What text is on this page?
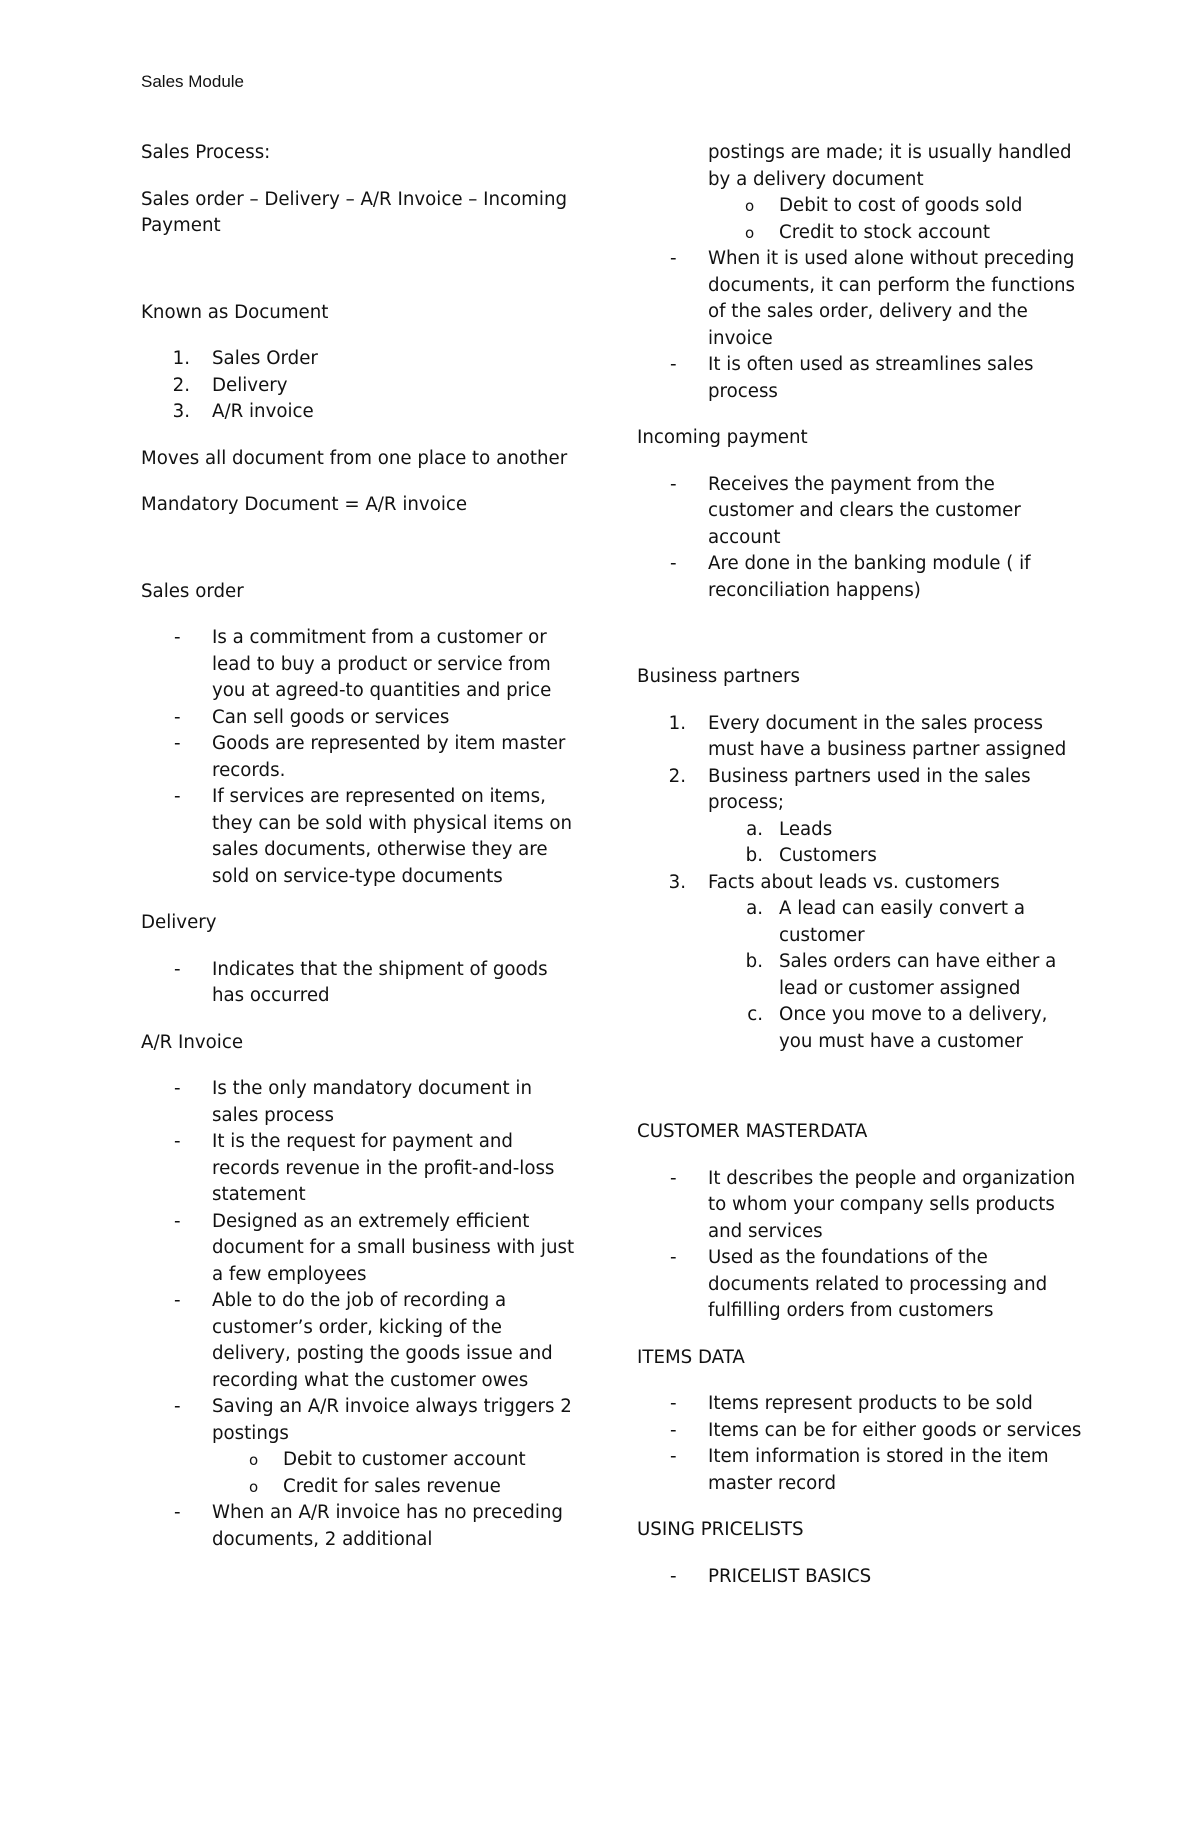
Sales Module
Sales Process:
Sales order – Delivery – A/R Invoice – Incoming Payment
Known as Document
1.	Sales Order
2.	Delivery
3.	A/R invoice
Moves all document from one place to another
Mandatory Document = A/R invoice
Sales order
-	Is a commitment from a customer or lead to buy a product or service from you at agreed-to quantities and price
-	Can sell goods or services
-	Goods are represented by item master records.
-	If services are represented on items, they can be sold with physical items on sales documents, otherwise they are sold on service-type documents
Delivery
-	Indicates that the shipment of goods has occurred
A/R Invoice
-	Is the only mandatory document in sales process
-	It is the request for payment and records revenue in the profit-and-loss statement
-	Designed as an extremely efficient document for a small business with just a few employees
-	Able to do the job of recording a customer’s order, kicking of the delivery, posting the goods issue and recording what the customer owes
-	Saving an A/R invoice always triggers 2 postings
o	Debit to customer account
o	Credit for sales revenue
-	When an A/R invoice has no preceding documents, 2 additional
postings are made; it is usually handled by a delivery document
o	Debit to cost of goods sold
o	Credit to stock account
-	When it is used alone without preceding documents, it can perform the functions of the sales order, delivery and the invoice
-	It is often used as streamlines sales process
Incoming payment
-	Receives the payment from the customer and clears the customer account
-	Are done in the banking module ( if reconciliation happens)
Business partners
1.	Every document in the sales process must have a business partner assigned
2.	Business partners used in the sales process;
a. Leads
b. Customers
3.	Facts about leads vs. customers
a. A lead can easily convert a customer
b. Sales orders can have either a lead or customer assigned
c. Once you move to a delivery, you must have a customer
CUSTOMER MASTERDATA
-	It describes the people and organization to whom your company sells products and services
-	Used as the foundations of the documents related to processing and fulfilling orders from customers
ITEMS DATA
-	Items represent products to be sold
-	Items can be for either goods or services
-	Item information is stored in the item master record
USING PRICELISTS
-	PRICELIST BASICS
